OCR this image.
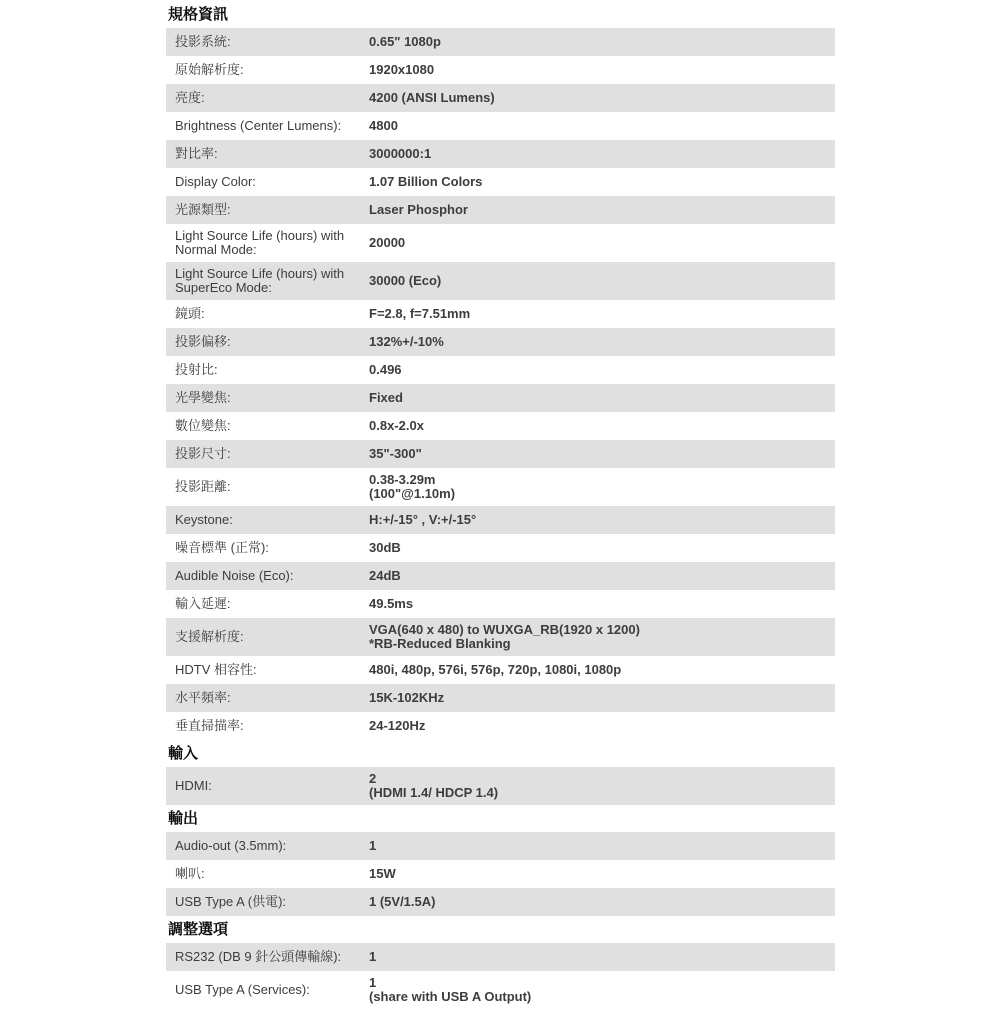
規格資訊
投影系統:	0.65" 1080p
原始解析度:	1920x1080
亮度:	4200 (ANSI Lumens)
Brightness (Center Lumens):	4800
對比率:	3000000:1
Display Color:	1.07 Billion Colors
光源類型:	Laser Phosphor
Light Source Life (hours) with Normal Mode:	20000
Light Source Life (hours) with SuperEco Mode:	30000 (Eco)
鏡頭:	F=2.8, f=7.51mm
投影偏移:	132%+/-10%
投射比:	0.496
光學變焦:	Fixed
數位變焦:	0.8x-2.0x
投影尺寸:	35"-300"
投影距離:	0.38-3.29m
(100"@1.10m)
Keystone:	H:+/-15° , V:+/-15°
噪音標準 (正常):	30dB
Audible Noise (Eco):	24dB
輸入延遲:	49.5ms
支援解析度:	VGA(640 x 480) to WUXGA_RB(1920 x 1200)
*RB-Reduced Blanking
HDTV 相容性:	480i, 480p, 576i, 576p, 720p, 1080i, 1080p
水平頻率:	15K-102KHz
垂直掃描率:	24-120Hz
輸入
HDMI:	2
(HDMI 1.4/ HDCP 1.4)
輸出
Audio-out (3.5mm):	1
喇叭:	15W
USB Type A (供電):	1 (5V/1.5A)
調整選項
RS232 (DB 9 針公頭傳輸線):	1
USB Type A (Services):	1
(share with USB A Output)
